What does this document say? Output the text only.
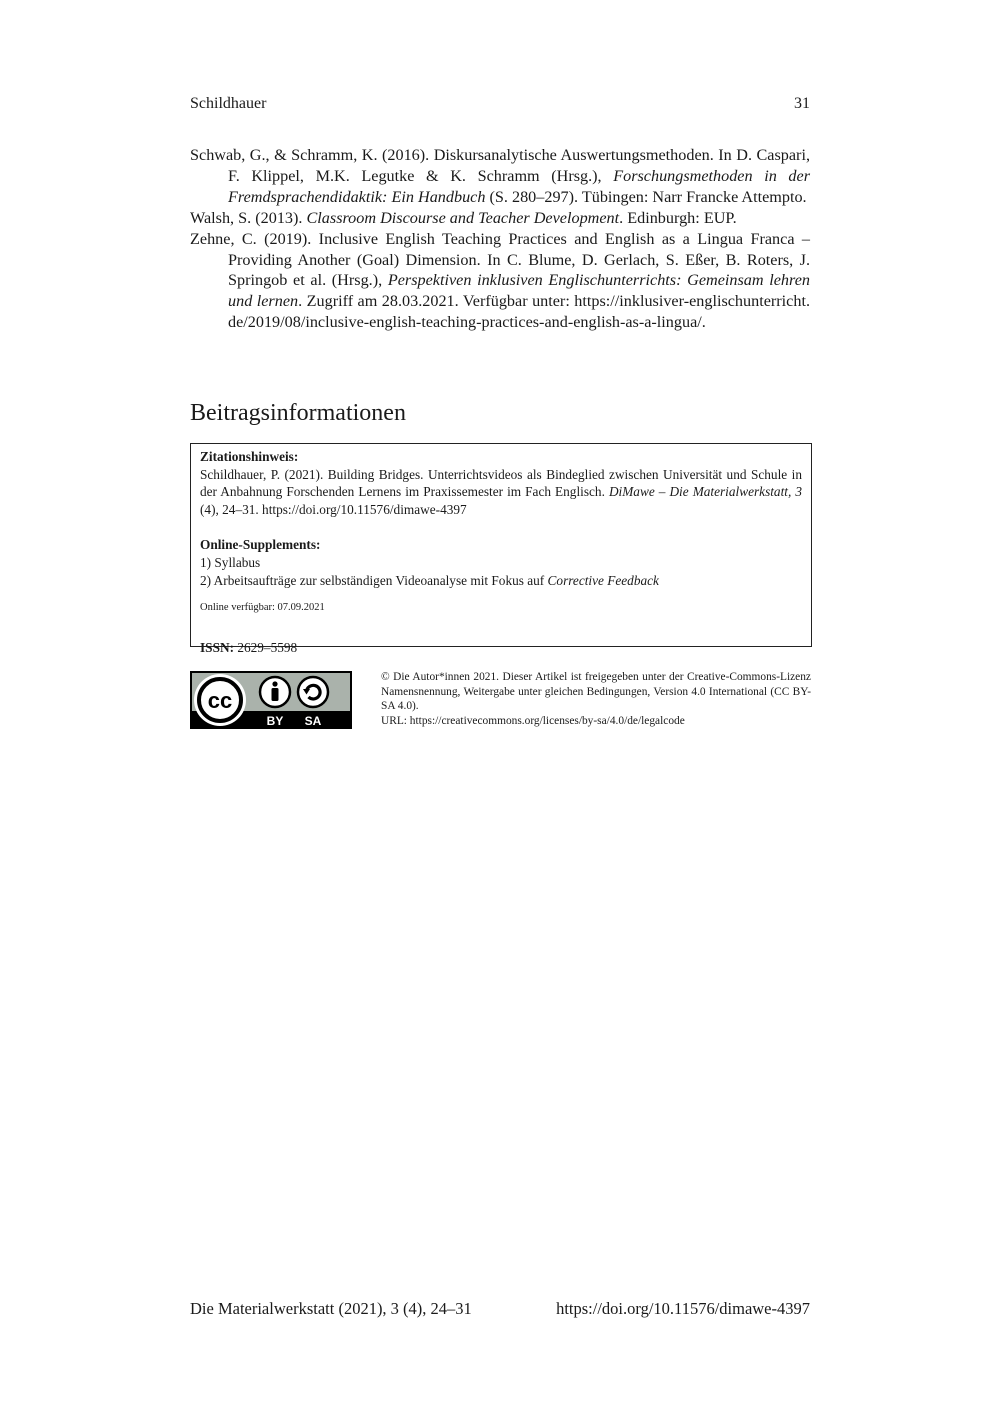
Schildhauer	31

Schwab, G., & Schramm, K. (2016). Diskursanalytische Auswertungsmethoden. In D. Caspari, F. Klippel, M.K. Legutke & K. Schramm (Hrsg.), Forschungsmethoden in der Fremdsprachendidaktik: Ein Handbuch (S. 280–297). Tübingen: Narr Francke Attempto.

Walsh, S. (2013). Classroom Discourse and Teacher Development. Edinburgh: EUP.

Zehne, C. (2019). Inclusive English Teaching Practices and English as a Lingua Franca – Providing Another (Goal) Dimension. In C. Blume, D. Gerlach, S. Eßer, B. Roters, J. Springob et al. (Hrsg.), Perspektiven inklusiven Englischunterrichts: Gemeinsam lehren und lernen. Zugriff am 28.03.2021. Verfügbar unter: https://inklusiver-englischunterricht.de/2019/08/inclusive-english-teaching-practices-and-english-as-a-lingua/.

Beitragsinformationen

Zitationshinweis:

Schildhauer, P. (2021). Building Bridges. Unterrichtsvideos als Bindeglied zwischen Universität und Schule in der Anbahnung Forschenden Lernens im Praxissemester im Fach Englisch. DiMawe – Die Materialwerkstatt, 3 (4), 24–31. https://doi.org/10.11576/dimawe-4397

Online-Supplements:

1) Syllabus

2) Arbeitsaufträge zur selbständigen Videoanalyse mit Fokus auf Corrective Feedback

Online verfügbar: 07.09.2021

ISSN: 2629–5598
cc
BY SA

© Die Autor*innen 2021. Dieser Artikel ist freigegeben unter der Creative-Commons-Lizenz Namensnennung, Weitergabe unter gleichen Bedingungen, Version 4.0 International (CC BY-SA 4.0).

URL: https://creativecommons.org/licenses/by-sa/4.0/de/legalcode

Die Materialwerkstatt (2021), 3 (4), 24–31	https://doi.org/10.11576/dimawe-4397
